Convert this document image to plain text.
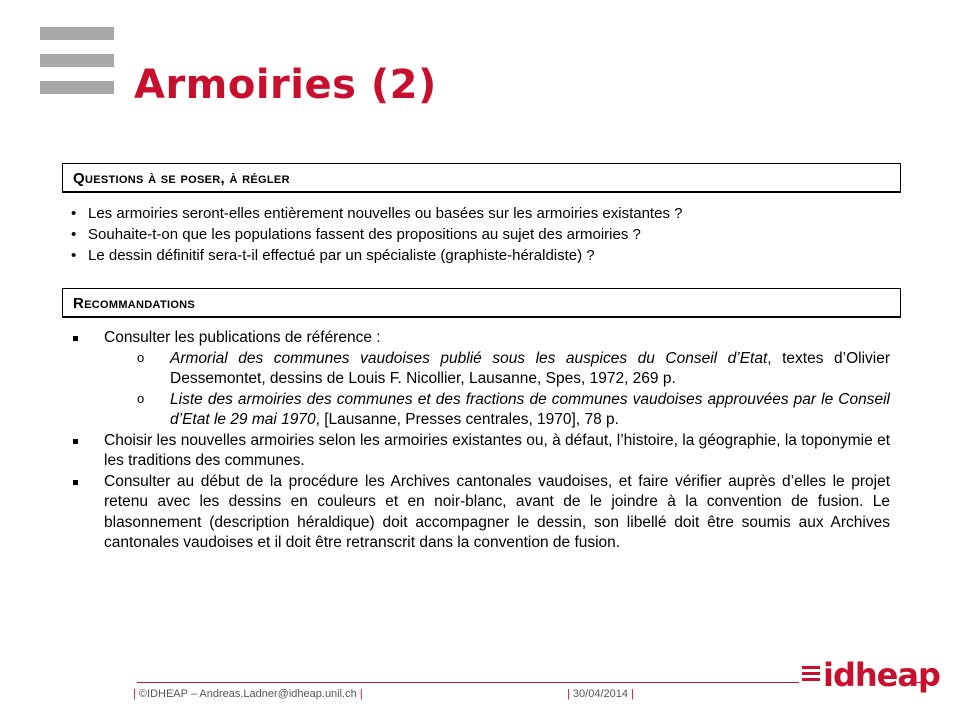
Armoiries (2)
Questions à se poser, à régler
• Les armoiries seront-elles entièrement nouvelles ou basées sur les armoiries existantes ?
• Souhaite-t-on que les populations fassent des propositions au sujet des armoiries ?
• Le dessin définitif sera-t-il effectué par un spécialiste (graphiste-héraldiste) ?
Recommandations
Consulter les publications de référence :
o Armorial des communes vaudoises publié sous les auspices du Conseil d’Etat, textes d’Olivier Dessemontet, dessins de Louis F. Nicollier, Lausanne, Spes, 1972, 269 p.
o Liste des armoiries des communes et des fractions de communes vaudoises approuvées par le Conseil d’Etat le 29 mai 1970, [Lausanne, Presses centrales, 1970], 78 p.
Choisir les nouvelles armoiries selon les armoiries existantes ou, à défaut, l’histoire, la géographie, la toponymie et les traditions des communes.
Consulter au début de la procédure les Archives cantonales vaudoises, et faire vérifier auprès d’elles le projet retenu avec les dessins en couleurs et en noir-blanc, avant de le joindre à la convention de fusion. Le blasonnement (description héraldique) doit accompagner le dessin, son libellé doit être soumis aux Archives cantonales vaudoises et il doit être retranscrit dans la convention de fusion.
| ©IDHEAP – Andreas.Ladner@idheap.unil.ch |	| 30/04/2014 |	idheap
